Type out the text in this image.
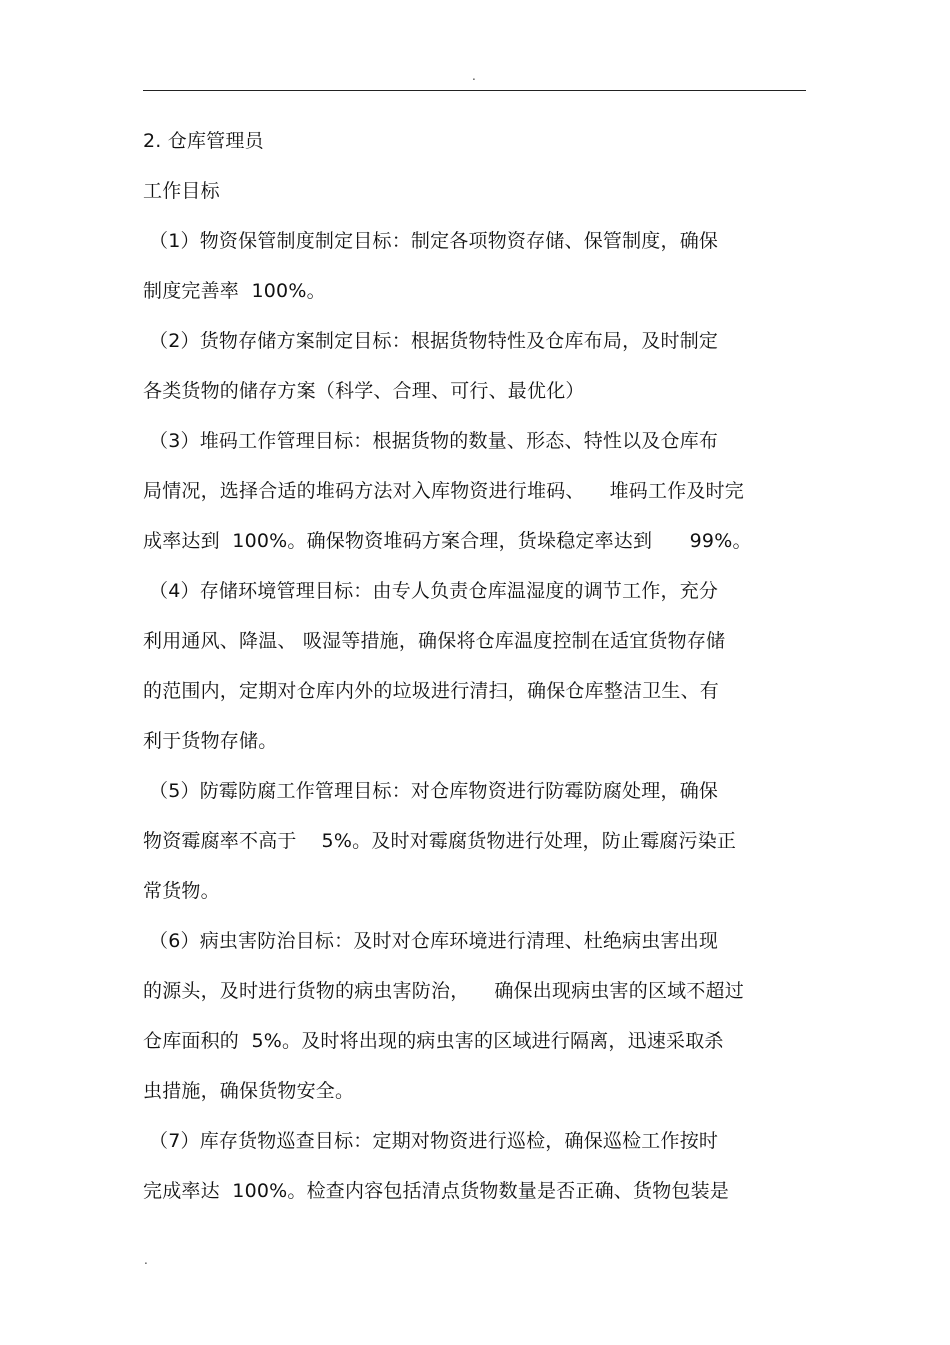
.
2. 仓库管理员
工作目标
（1）物资保管制度制定目标：制定各项物资存储、保管制度，确保
制度完善率  100%。
（2）货物存储方案制定目标：根据货物特性及仓库布局，及时制定
各类货物的储存方案（科学、合理、可行、最优化）
（3）堆码工作管理目标：根据货物的数量、形态、特性以及仓库布
局情况，选择合适的堆码方法对入库物资进行堆码、    堆码工作及时完
成率达到  100%。确保物资堆码方案合理，货垛稳定率达到      99%。
（4）存储环境管理目标：由专人负责仓库温湿度的调节工作，充分
利用通风、降温、 吸湿等措施，确保将仓库温度控制在适宜货物存储
的范围内，定期对仓库内外的垃圾进行清扫，确保仓库整洁卫生、有
利于货物存储。
（5）防霉防腐工作管理目标：对仓库物资进行防霉防腐处理，确保
物资霉腐率不高于    5%。及时对霉腐货物进行处理，防止霉腐污染正
常货物。
（6）病虫害防治目标：及时对仓库环境进行清理、杜绝病虫害出现
的源头，及时进行货物的病虫害防治，    确保出现病虫害的区域不超过
仓库面积的  5%。及时将出现的病虫害的区域进行隔离，迅速采取杀
虫措施，确保货物安全。
（7）库存货物巡查目标：定期对物资进行巡检，确保巡检工作按时
完成率达  100%。检查内容包括清点货物数量是否正确、货物包装是
.
